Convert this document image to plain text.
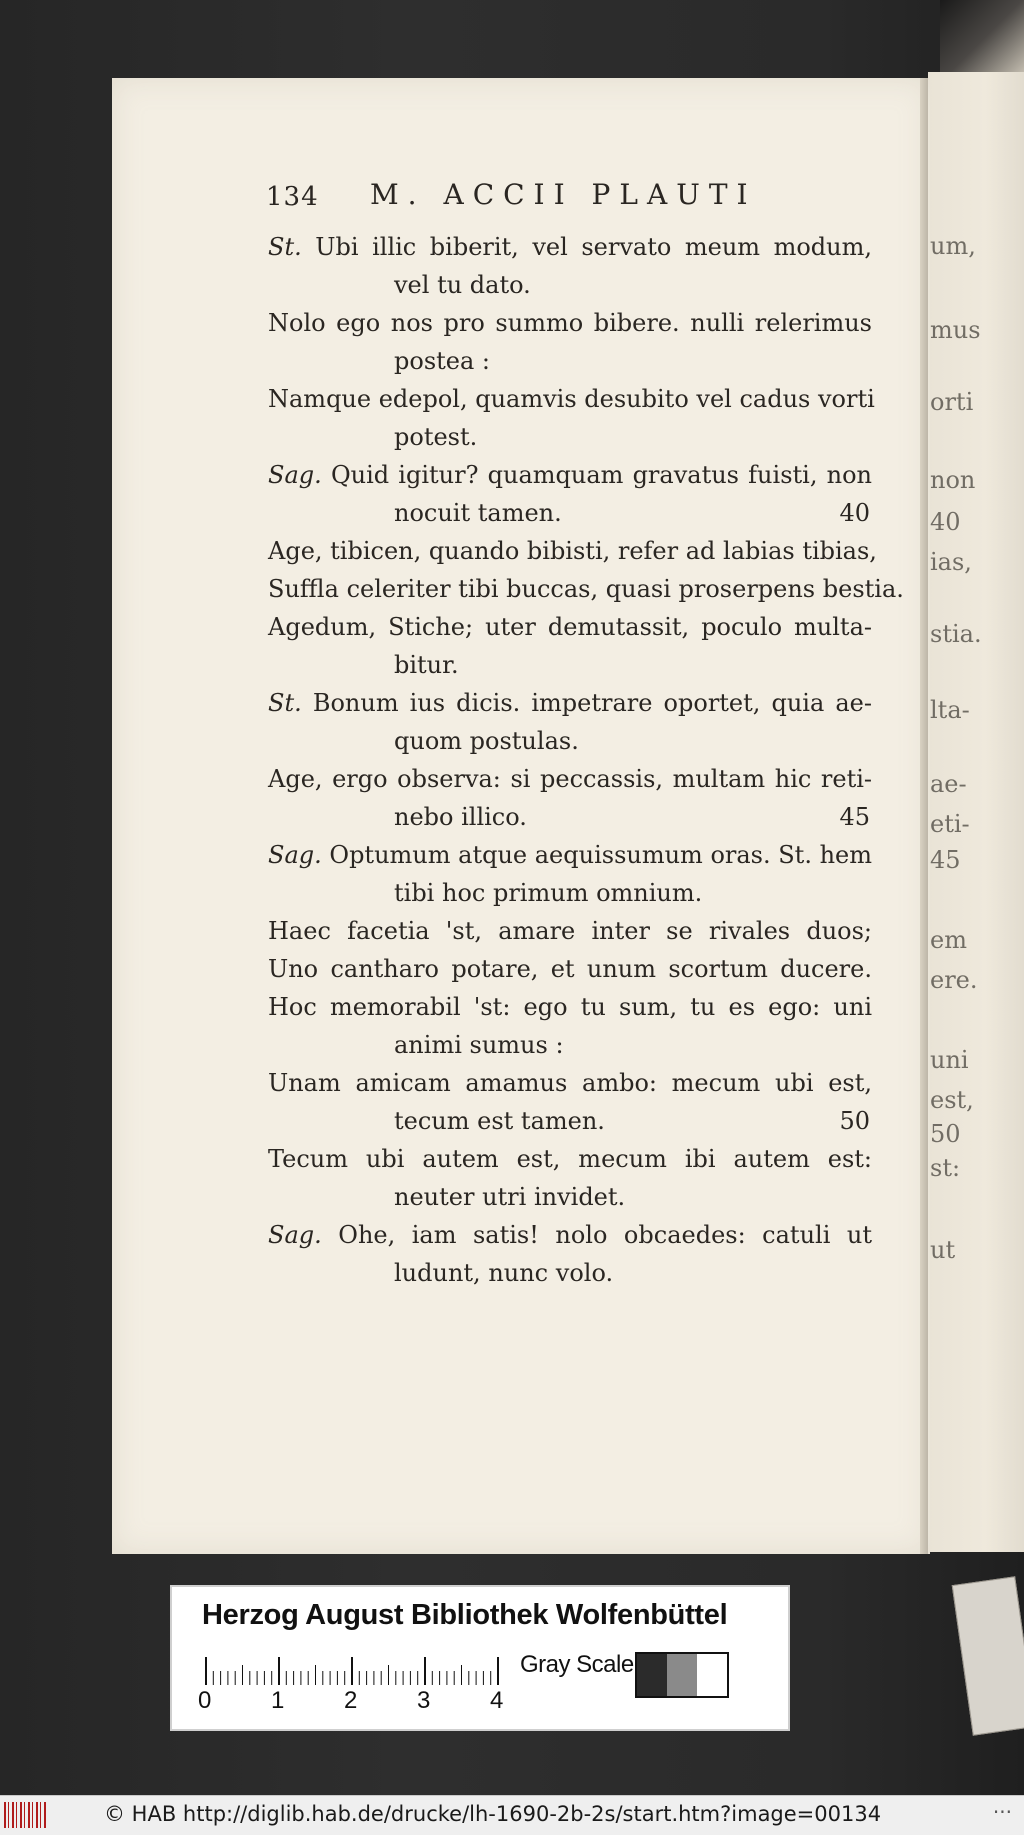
um,
mus
orti
non
40
ias,
stia.
lta-
ae-
eti-
45
em
ere.
uni
est,
50
st:
ut
134 M. ACCII PLAUTI
St. Ubi illic biberit, vel servato meum modum,
vel tu dato.
Nolo ego nos pro summo bibere. nulli relerimus
postea :
Namque edepol, quamvis desubito vel cadus vorti
potest.
Sag. Quid igitur? quamquam gravatus fuisti, non
nocuit tamen.	40
Age, tibicen, quando bibisti, refer ad labias tibias,
Suffla celeriter tibi buccas, quasi proserpens bestia.
Agedum, Stiche; uter demutassit, poculo multa-
bitur.
St. Bonum ius dicis. impetrare oportet, quia ae-
quom postulas.
Age, ergo observa: si peccassis, multam hic reti-
nebo illico.	45
Sag. Optumum atque aequissumum oras. St. hem
tibi hoc primum omnium.
Haec facetia 'st, amare inter se rivales duos;
Uno cantharo potare, et unum scortum ducere.
Hoc memorabil 'st: ego tu sum, tu es ego: uni
animi sumus :
Unam amicam amamus ambo: mecum ubi est,
tecum est tamen.	50
Tecum ubi autem est, mecum ibi autem est:
neuter utri invidet.
Sag. Ohe, iam satis! nolo obcaedes: catuli ut
ludunt, nunc volo.
Herzog August Bibliothek Wolfenbüttel
0 1 2 3 4
Gray Scale
© HAB http://diglib.hab.de/drucke/lh-1690-2b-2s/start.htm?image=00134	···
